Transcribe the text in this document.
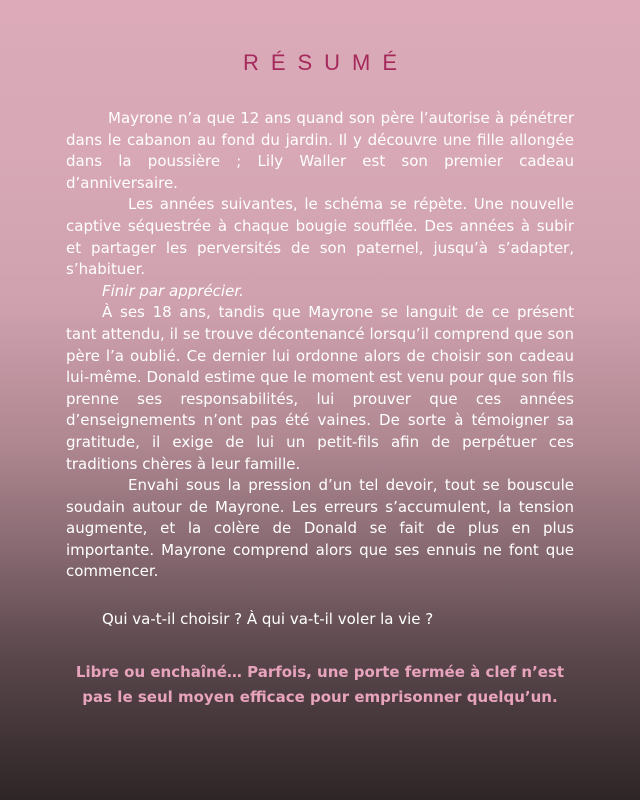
RÉSUMÉ

Mayrone n’a que 12 ans quand son père l’autorise à pénétrer dans le cabanon au fond du jardin. Il y découvre une fille allongée dans la poussière ; Lily Waller est son premier cadeau d’anniversaire.

Les années suivantes, le schéma se répète. Une nouvelle captive séquestrée à chaque bougie soufflée. Des années à subir et partager les perversités de son paternel, jusqu’à s’adapter, s’habituer.

Finir par apprécier.

À ses 18 ans, tandis que Mayrone se languit de ce présent tant attendu, il se trouve décontenancé lorsqu’il comprend que son père l’a oublié. Ce dernier lui ordonne alors de choisir son cadeau lui-même. Donald estime que le moment est venu pour que son fils prenne ses responsabilités, lui prouver que ces années d’enseignements n’ont pas été vaines. De sorte à témoigner sa gratitude, il exige de lui un petit-fils afin de perpétuer ces traditions chères à leur famille.

Envahi sous la pression d’un tel devoir, tout se bouscule soudain autour de Mayrone. Les erreurs s’accumulent, la tension augmente, et la colère de Donald se fait de plus en plus importante. Mayrone comprend alors que ses ennuis ne font que commencer.

Qui va-t-il choisir ? À qui va-t-il voler la vie ?
Libre ou enchaîné… Parfois, une porte fermée à clef n’est
pas le seul moyen efficace pour emprisonner quelqu’un.
